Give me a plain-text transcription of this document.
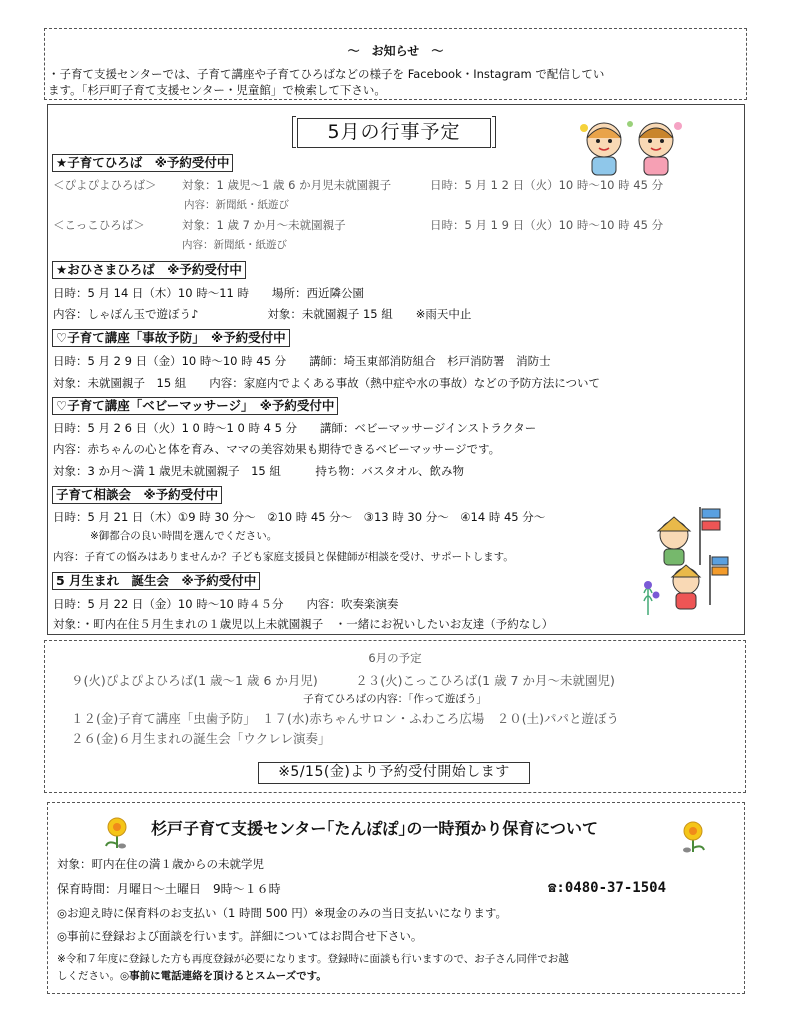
～　お知らせ　～
・子育て支援センターでは、子育て講座や子育てひろばなどの様子を Facebook・Instagram で配信してい
ます。「杉戸町子育て支援センター・児童館」で検索して下さい。
5月の行事予定
★子育てひろば　※予約受付中
＜ぴよぴよひろば＞ 対象：1 歳児～1 歳 6 か月児未就園親子	日時：5 月 1 2 日（火）10 時～10 時 45 分
内容：新聞紙・紙遊び
＜こっこひろば＞	対象：1 歳 7 か月～未就園親子	日時：5 月 1 9 日（火）10 時～10 時 45 分
内容：新聞紙・紙遊び
★おひさまひろば　※予約受付中
日時：5 月 14 日（木）10 時～11 時　　場所：西近隣公園
内容：しゃぼん玉で遊ぼう♪　　　　　　対象：未就園親子 15 組　　※雨天中止
♡子育て講座「事故予防」　※予約受付中
日時：5 月 2 9 日（金）10 時～10 時 45 分　　講師：埼玉東部消防組合　杉戸消防署　消防士
対象：未就園親子　15 組　　内容：家庭内でよくある事故（熱中症や水の事故）などの予防方法について
♡子育て講座「ベビーマッサージ」　※予約受付中
日時：5 月 2 6 日（火）1 0 時～1 0 時 4 5 分　　講師：ベビーマッサージインストラクター
内容：赤ちゃんの心と体を育み、ママの美容効果も期待できるベビーマッサージです。
対象：3 か月～満 1 歳児未就園親子　15 組　　　持ち物：バスタオル、飲み物
子育て相談会　※予約受付中
日時：5 月 21 日（木）①9 時 30 分～　②10 時 45 分～　③13 時 30 分～　④14 時 45 分～
※御都合の良い時間を選んでください。
内容：子育ての悩みはありませんか？子ども家庭支援員と保健師が相談を受け、サポートします。
5 月生まれ　誕生会　※予約受付中
日時：5 月 22 日（金）10 時～10 時４５分　　内容：吹奏楽演奏
対象：・町内在住５月生まれの１歳児以上未就園親子　・一緒にお祝いしたいお友達（予約なし）
6月の予定
９(火)ぴよぴよひろば(1 歳～1 歳 6 か月児)　　　２３(火)こっこひろば(1 歳 7 か月～未就園児)
子育てひろばの内容：「作って遊ぼう」
１２(金)子育て講座「虫歯予防」　１７(水)赤ちゃんサロン・ふわころ広場　２０(土)パパと遊ぼう
２６(金)６月生まれの誕生会「ウクレレ演奏」
※5/15(金)より予約受付開始します
杉戸子育て支援センター｢たんぽぽ｣の一時預かり保育について
対象：町内在住の満１歳からの未就学児
保育時間：月曜日～土曜日　9時～１６時	☎:0480-37-1504
◎お迎え時に保育料のお支払い（1 時間 500 円）※現金のみの当日支払いになります。
◎事前に登録および面談を行います。詳細についてはお問合せ下さい。
※令和７年度に登録した方も再度登録が必要になります。登録時に面談も行いますので、お子さん同伴でお越
しください。◎事前に電話連絡を頂けるとスムーズです。
